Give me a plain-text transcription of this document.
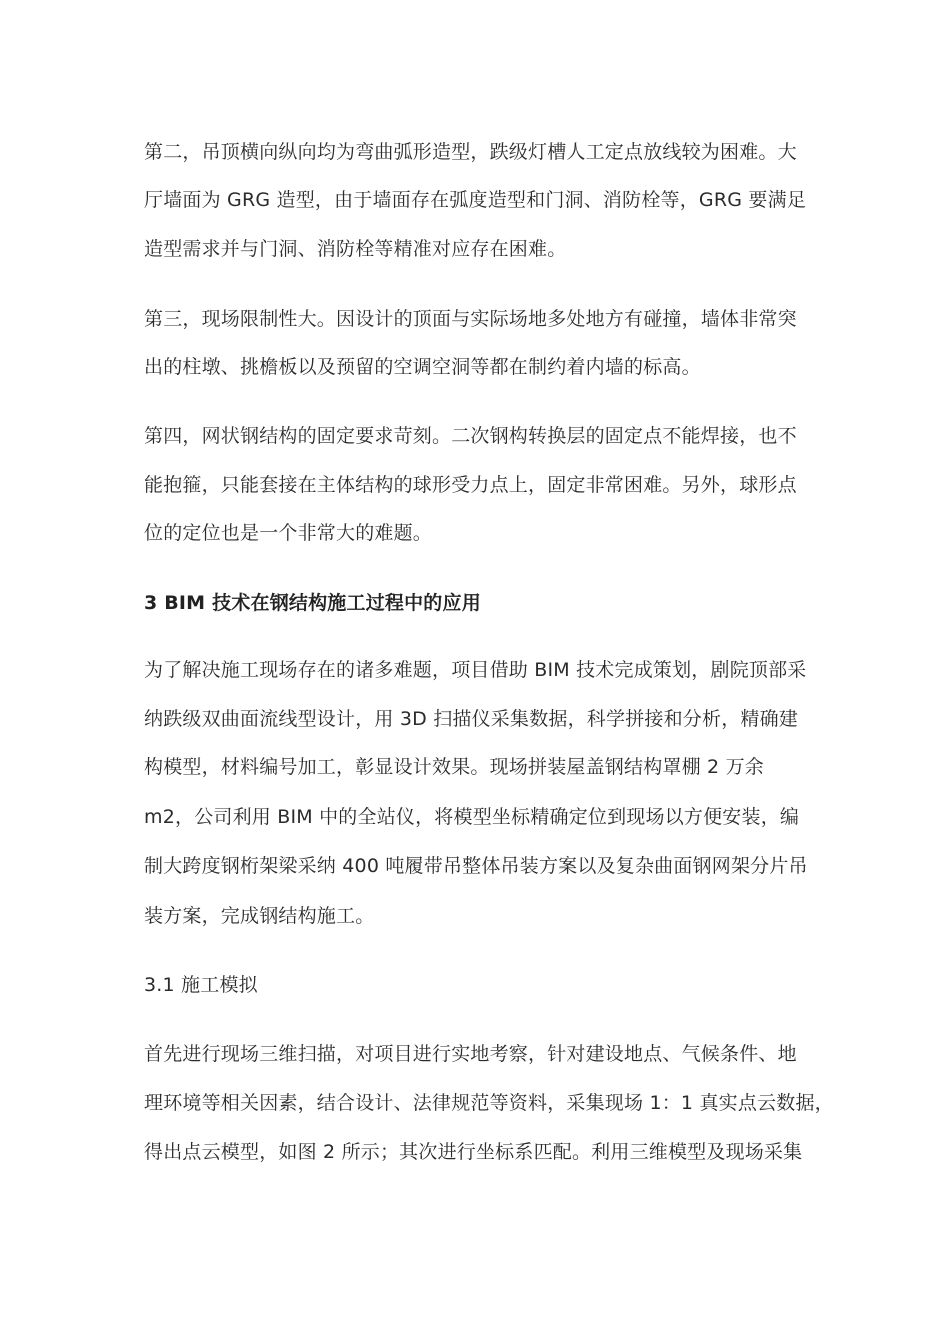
第二，吊顶横向纵向均为弯曲弧形造型，跌级灯槽人工定点放线较为困难。大
厅墙面为 GRG 造型，由于墙面存在弧度造型和门洞、消防栓等，GRG 要满足
造型需求并与门洞、消防栓等精准对应存在困难。
第三，现场限制性大。因设计的顶面与实际场地多处地方有碰撞，墙体非常突
出的柱墩、挑檐板以及预留的空调空洞等都在制约着内墙的标高。
第四，网状钢结构的固定要求苛刻。二次钢构转换层的固定点不能焊接，也不
能抱箍，只能套接在主体结构的球形受力点上，固定非常困难。另外，球形点
位的定位也是一个非常大的难题。
3 BIM 技术在钢结构施工过程中的应用
为了解决施工现场存在的诸多难题，项目借助 BIM 技术完成策划，剧院顶部采
纳跌级双曲面流线型设计，用 3D 扫描仪采集数据，科学拼接和分析，精确建
构模型，材料编号加工，彰显设计效果。现场拼装屋盖钢结构罩棚 2 万余
m2，公司利用 BIM 中的全站仪，将模型坐标精确定位到现场以方便安装，编
制大跨度钢桁架梁采纳 400 吨履带吊整体吊装方案以及复杂曲面钢网架分片吊
装方案，完成钢结构施工。
3.1 施工模拟
首先进行现场三维扫描，对项目进行实地考察，针对建设地点、气候条件、地
理环境等相关因素，结合设计、法律规范等资料，采集现场 1：1 真实点云数据，
得出点云模型，如图 2 所示；其次进行坐标系匹配。利用三维模型及现场采集
